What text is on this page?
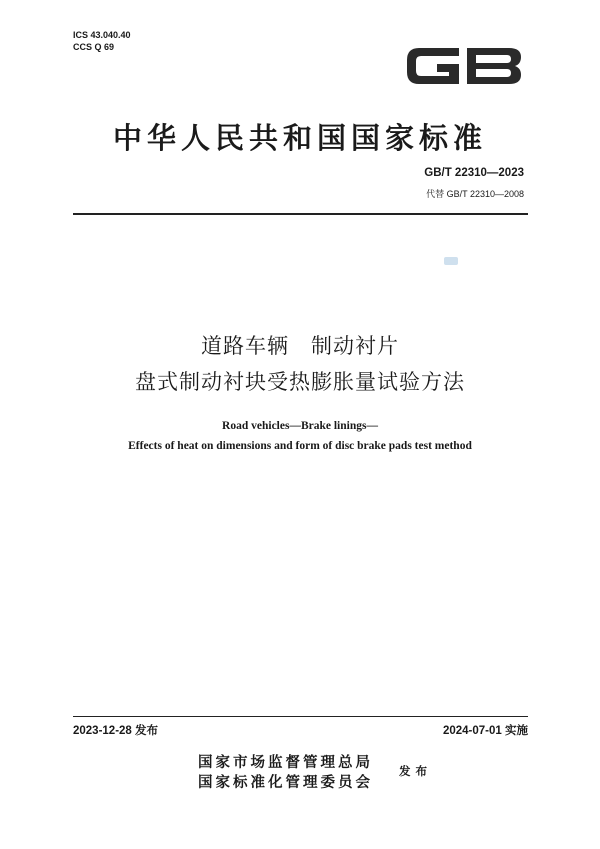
ICS 43.040.40
CCS Q 69
中华人民共和国国家标准
GB/T 22310—2023
代替 GB/T 22310—2008
道路车辆　制动衬片
盘式制动衬块受热膨胀量试验方法
Road vehicles—Brake linings—
Effects of heat on dimensions and form of disc brake pads test method
2023-12-28 发布	2024-07-01 实施
国家市场监督管理总局
国家标准化管理委员会
发布
